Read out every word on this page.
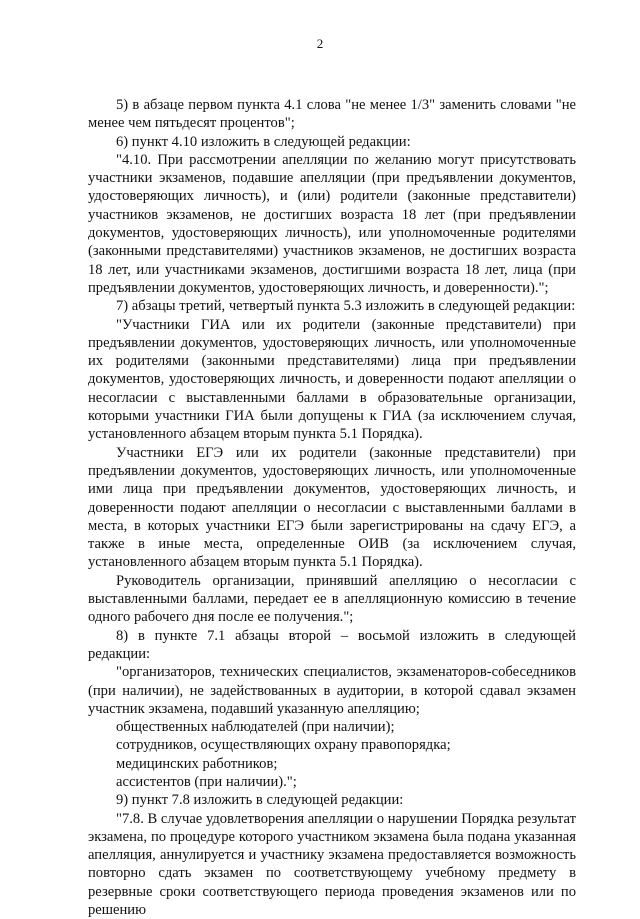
2

5) в абзаце первом пункта 4.1 слова "не менее 1/3" заменить словами "не менее чем пятьдесят процентов";

6) пункт 4.10 изложить в следующей редакции:

"4.10. При рассмотрении апелляции по желанию могут присутствовать участники экзаменов, подавшие апелляции (при предъявлении документов, удостоверяющих личность), и (или) родители (законные представители) участников экзаменов, не достигших возраста 18 лет (при предъявлении документов, удостоверяющих личность), или уполномоченные родителями (законными представителями) участников экзаменов, не достигших возраста 18 лет, или участниками экзаменов, достигшими возраста 18 лет, лица (при предъявлении документов, удостоверяющих личность, и доверенности).";

7) абзацы третий, четвертый пункта 5.3 изложить в следующей редакции:

"Участники ГИА или их родители (законные представители) при предъявлении документов, удостоверяющих личность, или уполномоченные их родителями (законными представителями) лица при предъявлении документов, удостоверяющих личность, и доверенности подают апелляции о несогласии с выставленными баллами в образовательные организации, которыми участники ГИА были допущены к ГИА (за исключением случая, установленного абзацем вторым пункта 5.1 Порядка).

Участники ЕГЭ или их родители (законные представители) при предъявлении документов, удостоверяющих личность, или уполномоченные ими лица при предъявлении документов, удостоверяющих личность, и доверенности подают апелляции о несогласии с выставленными баллами в места, в которых участники ЕГЭ были зарегистрированы на сдачу ЕГЭ, а также в иные места, определенные ОИВ (за исключением случая, установленного абзацем вторым пункта 5.1 Порядка).

Руководитель организации, принявший апелляцию о несогласии с выставленными баллами, передает ее в апелляционную комиссию в течение одного рабочего дня после ее получения.";

8) в пункте 7.1 абзацы второй – восьмой изложить в следующей редакции:

"организаторов, технических специалистов, экзаменаторов-собеседников (при наличии), не задействованных в аудитории, в которой сдавал экзамен участник экзамена, подавший указанную апелляцию;

общественных наблюдателей (при наличии);

сотрудников, осуществляющих охрану правопорядка;

медицинских работников;

ассистентов (при наличии).";

9) пункт 7.8 изложить в следующей редакции:

"7.8. В случае удовлетворения апелляции о нарушении Порядка результат экзамена, по процедуре которого участником экзамена была подана указанная апелляция, аннулируется и участнику экзамена предоставляется возможность повторно сдать экзамен по соответствующему учебному предмету в резервные сроки соответствующего периода проведения экзаменов или по решению
